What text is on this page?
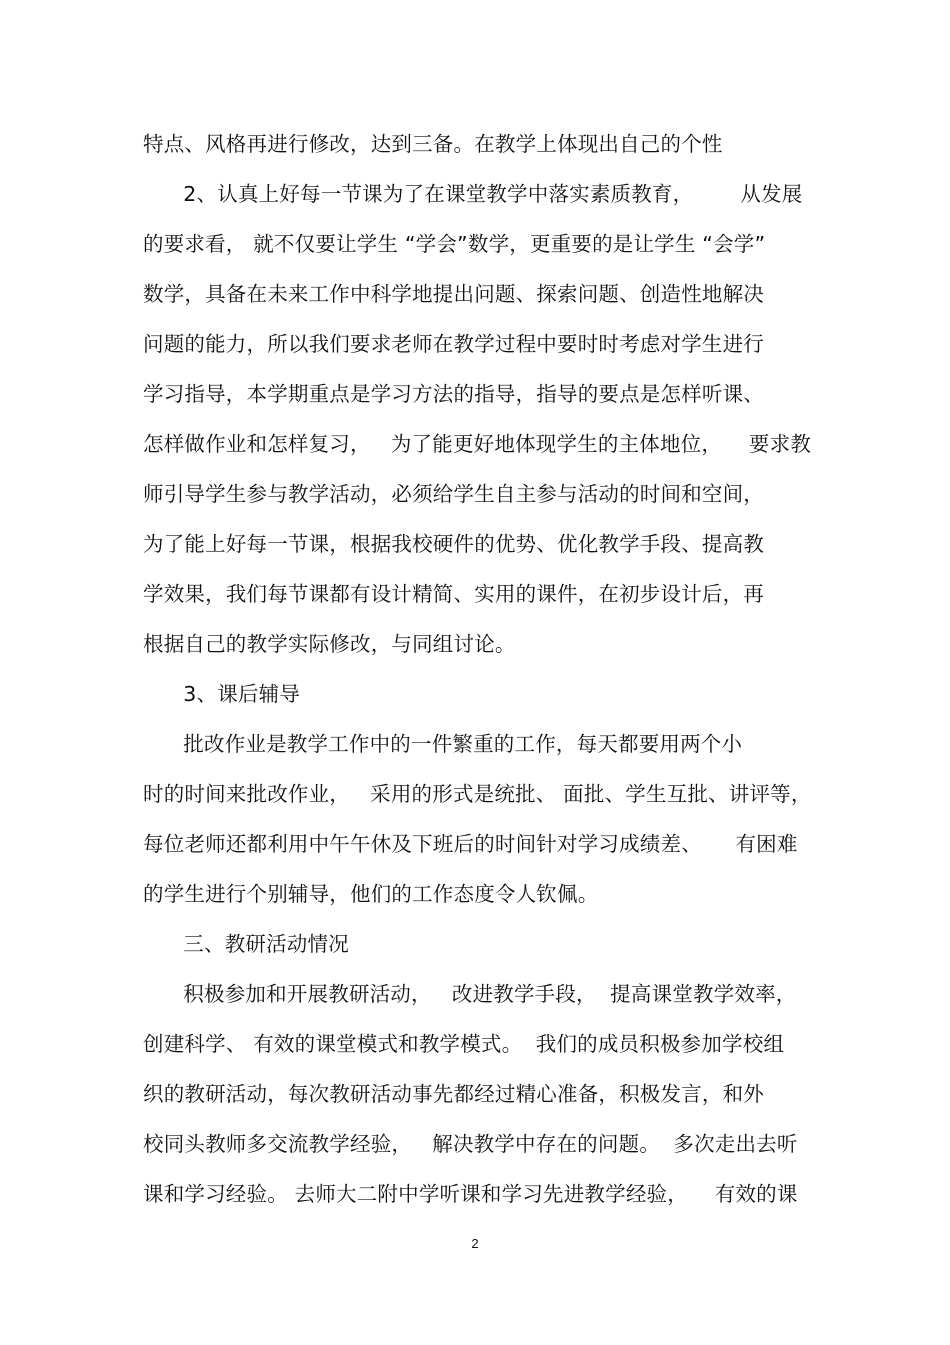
特点、风格再进行修改，达到三备。在教学上体现出自己的个性
2、认真上好每一节课为了在课堂教学中落实素质教育，       从发展
的要求看， 就不仅要让学生 “学会”数学，更重要的是让学生 “会学”
数学，具备在未来工作中科学地提出问题、探索问题、创造性地解决
问题的能力，所以我们要求老师在教学过程中要时时考虑对学生进行
学习指导，本学期重点是学习方法的指导，指导的要点是怎样听课、
怎样做作业和怎样复习，   为了能更好地体现学生的主体地位，    要求教
师引导学生参与教学活动，必须给学生自主参与活动的时间和空间，
为了能上好每一节课，根据我校硬件的优势、优化教学手段、提高教
学效果，我们每节课都有设计精简、实用的课件，在初步设计后，再
根据自己的教学实际修改，与同组讨论。
3、课后辅导
批改作业是教学工作中的一件繁重的工作，每天都要用两个小
时的时间来批改作业，   采用的形式是统批、 面批、学生互批、讲评等，
每位老师还都利用中午午休及下班后的时间针对学习成绩差、     有困难
的学生进行个别辅导，他们的工作态度令人钦佩。
三、教研活动情况
积极参加和开展教研活动，   改进教学手段，  提高课堂教学效率，
创建科学、 有效的课堂模式和教学模式。  我们的成员积极参加学校组
织的教研活动，每次教研活动事先都经过精心准备，积极发言，和外
校同头教师多交流教学经验，   解决教学中存在的问题。  多次走出去听
课和学习经验。 去师大二附中学听课和学习先进教学经验，    有效的课
2
